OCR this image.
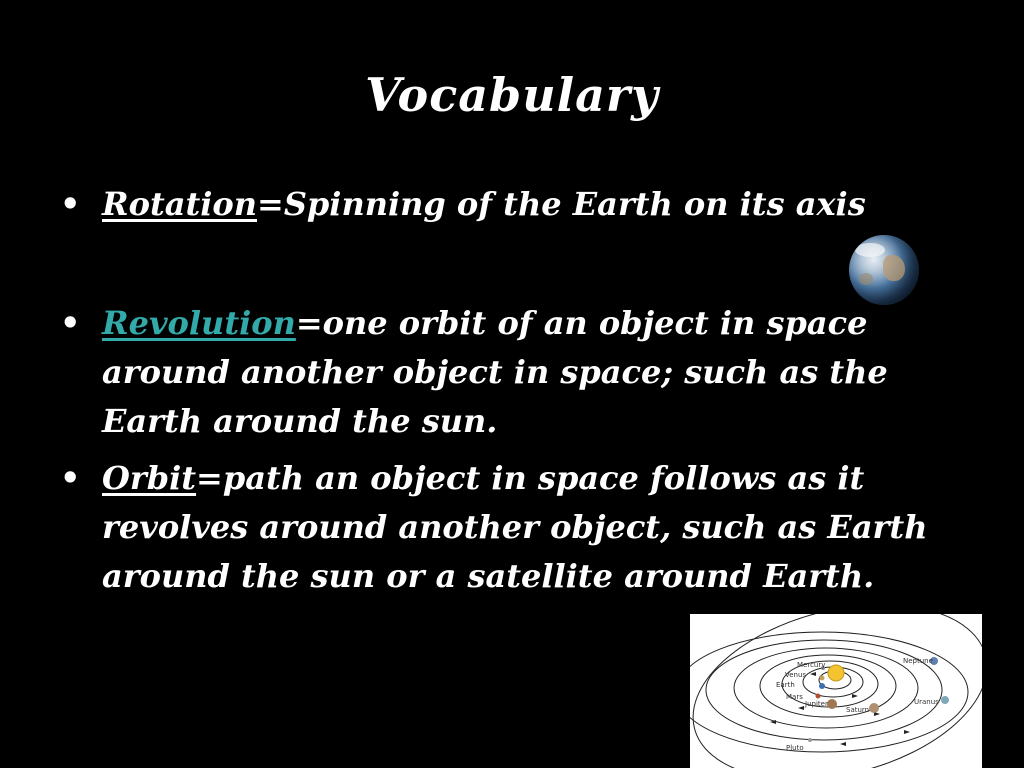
Vocabulary
• Rotation=Spinning of the Earth on its axis
• Revolution=one orbit of an object in space around another object in space; such as the Earth around the sun.
• Orbit=path an object in space follows as it revolves around another object, such as Earth around the sun or a satellite around Earth.
Mercury
Venus
Earth
Mars
Jupiter
Saturn
Uranus
Neptune
Pluto
